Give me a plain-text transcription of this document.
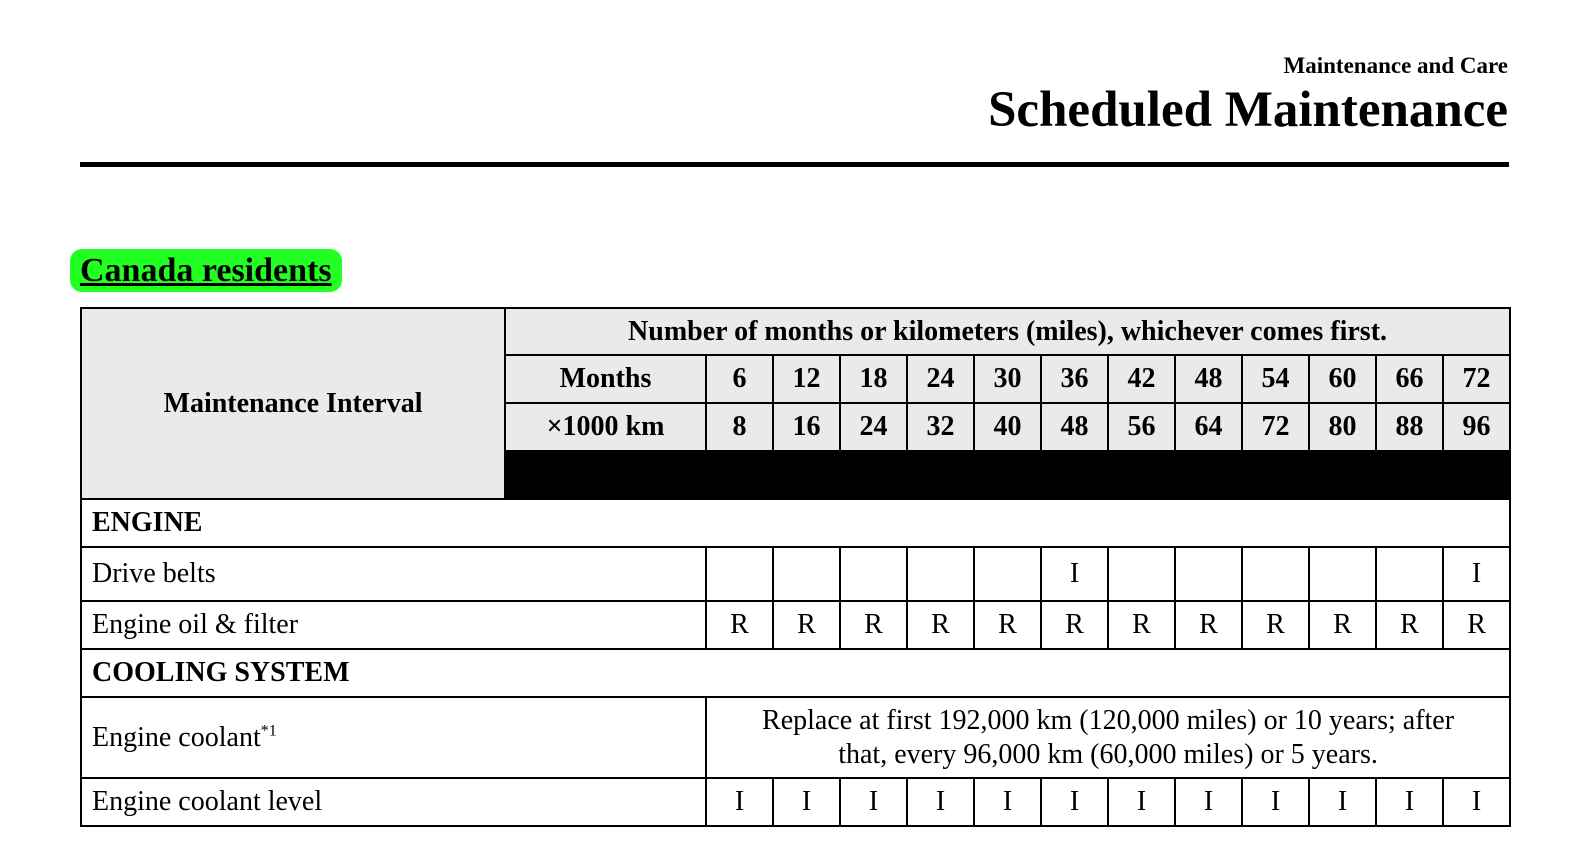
Maintenance and Care
Scheduled Maintenance
Canada residents
Maintenance Interval	Number of months or kilometers (miles), whichever comes first.												
	Months	6	12	18	24	30	36	42	48	54	60	66	72
	×1000 km	8	16	24	32	40	48	56	64	72	80	88	96

ENGINE													
Drive belts							I						I
Engine oil & filter		R	R	R	R	R	R	R	R	R	R	R	R
COOLING SYSTEM													
Engine coolant$^{*1}$		Replace at first 192,000 km (120,000 miles) or 10 years; after
that, every 96,000 km (60,000 miles) or 5 years.											

Engine coolant level		I	I	I	I	I	I	I	I	I	I	I	I
